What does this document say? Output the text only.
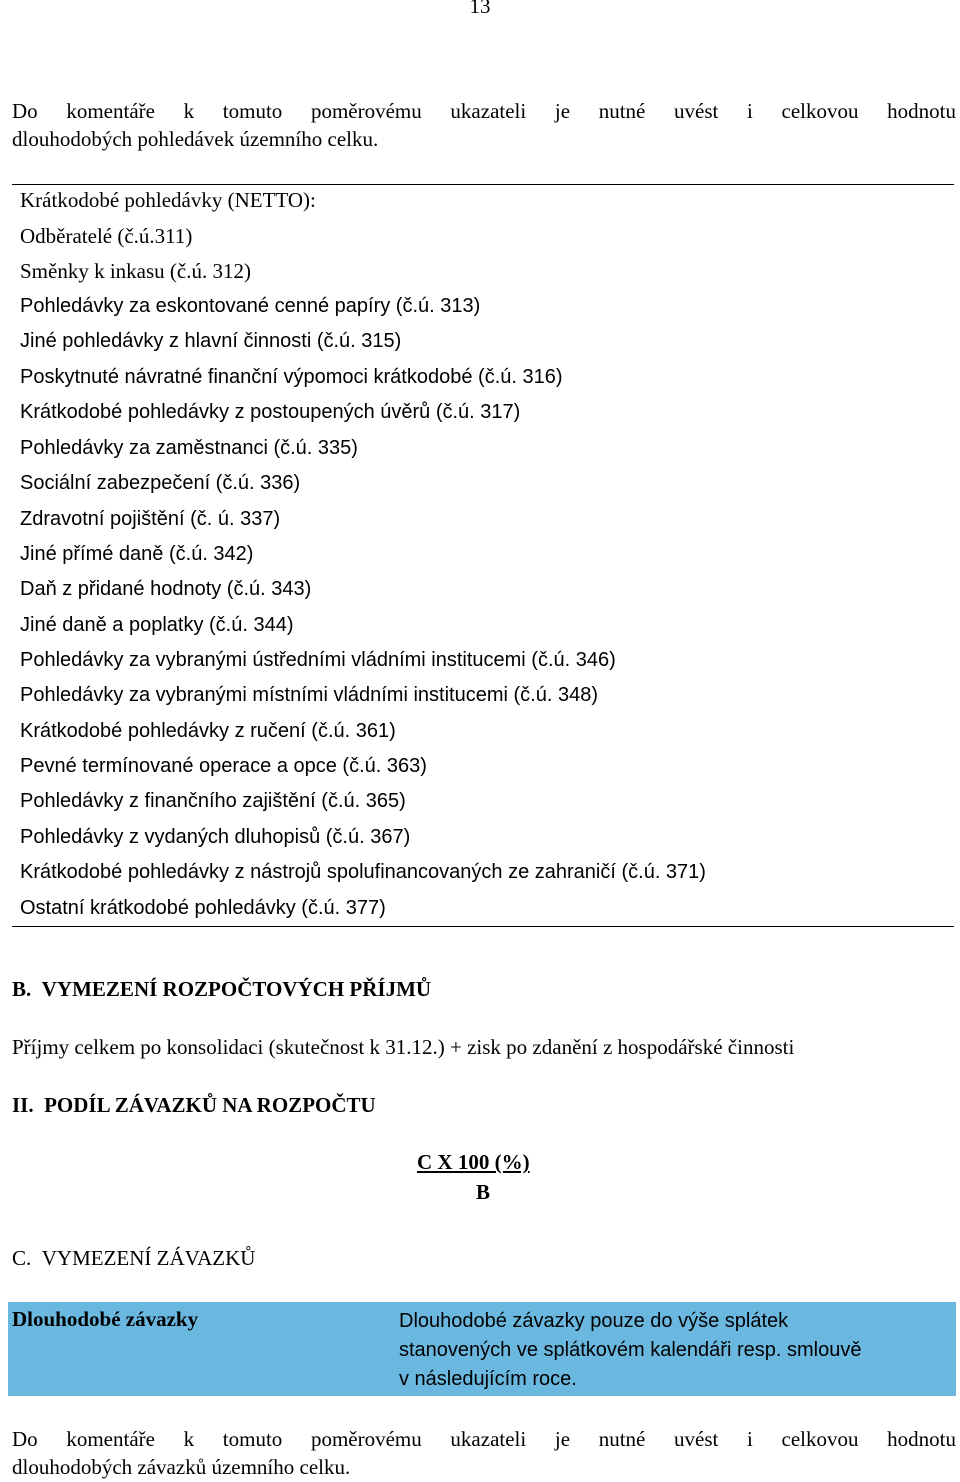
13
Do komentáře k tomuto poměrovému ukazateli je nutné uvést i celkovou hodnotu
dlouhodobých pohledávek územního celku.
Krátkodobé pohledávky (NETTO):
Odběratelé (č.ú.311)
Směnky k inkasu (č.ú. 312)
Pohledávky za eskontované cenné papíry (č.ú. 313)
Jiné pohledávky z hlavní činnosti (č.ú. 315)
Poskytnuté návratné finanční výpomoci krátkodobé (č.ú. 316)
Krátkodobé pohledávky z postoupených úvěrů (č.ú. 317)
Pohledávky za zaměstnanci (č.ú. 335)
Sociální zabezpečení (č.ú. 336)
Zdravotní pojištění (č. ú. 337)
Jiné přímé daně (č.ú. 342)
Daň z přidané hodnoty (č.ú. 343)
Jiné daně a poplatky (č.ú. 344)
Pohledávky za vybranými ústředními vládními institucemi (č.ú. 346)
Pohledávky za vybranými místními vládními institucemi (č.ú. 348)
Krátkodobé pohledávky z ručení (č.ú. 361)
Pevné termínované operace a opce (č.ú. 363)
Pohledávky z finančního zajištění (č.ú. 365)
Pohledávky z vydaných dluhopisů (č.ú. 367)
Krátkodobé pohledávky z nástrojů spolufinancovaných ze zahraničí (č.ú. 371)
Ostatní krátkodobé pohledávky (č.ú. 377)
B. VYMEZENÍ ROZPOČTOVÝCH PŘÍJMŮ
Příjmy celkem po konsolidaci (skutečnost k 31.12.) + zisk po zdanění z hospodářské činnosti
II. PODÍL ZÁVAZKŮ NA ROZPOČTU
C X 100 (%)
B
C. VYMEZENÍ ZÁVAZKŮ
Dlouhodobé závazky	Dlouhodobé závazky pouze do výše splátek
stanovených ve splátkovém kalendáři resp. smlouvě
v následujícím roce.
Do komentáře k tomuto poměrovému ukazateli je nutné uvést i celkovou hodnotu
dlouhodobých závazků územního celku.
